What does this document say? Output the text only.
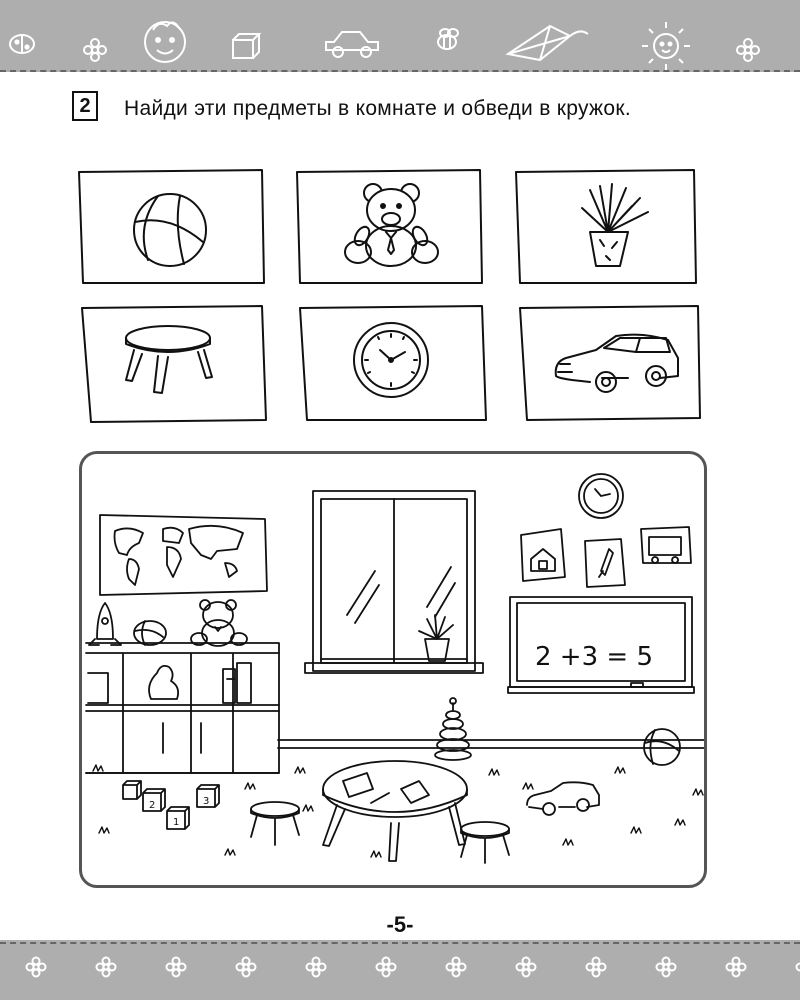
2	Найди эти предметы в комнате и обведи в кружок.
2 +3 = 5
2
1
3
-5-
